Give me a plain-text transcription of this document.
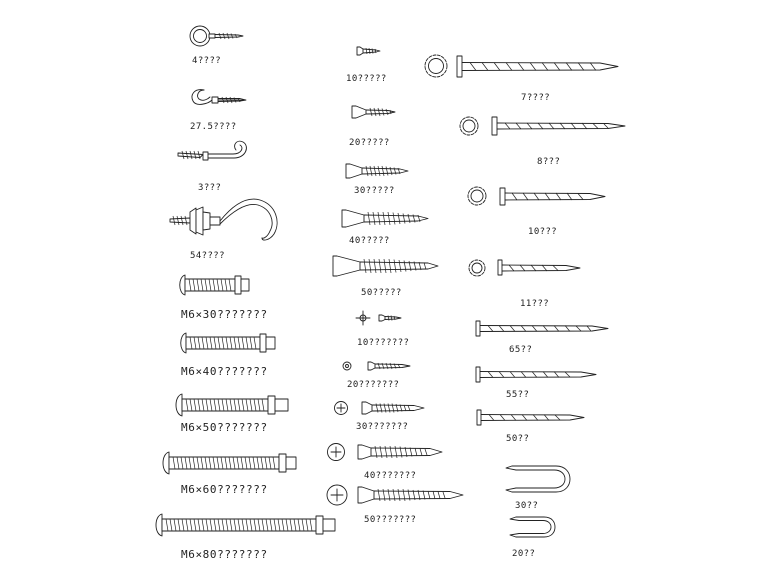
4????
27.5????
3???
54????
M6×30???????
M6×40???????
M6×50???????
M6×60???????
M6×80???????
10?????
20?????
30?????
40?????
50?????
10???????
20???????
30???????
40???????
50???????
7????
8???
10???
11???
65??
55??
50??
30??
20??
